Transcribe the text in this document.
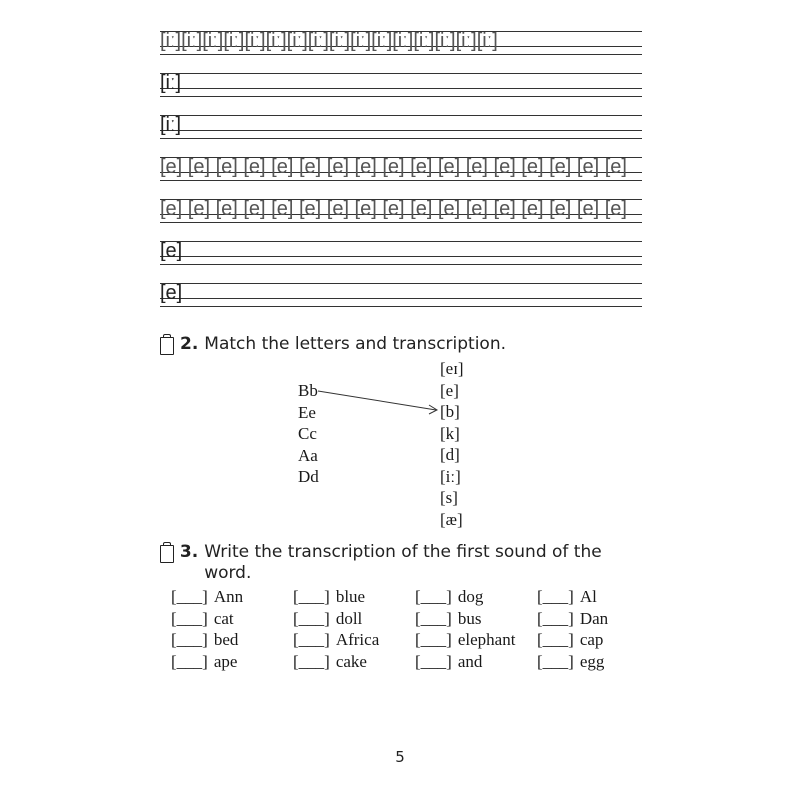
[iː][iː][iː][iː][iː][iː][iː][iː][iː][iː][iː][iː][iː][iː][iː][iː]
[iː]
[iː]
[e] [e] [e] [e] [e] [e] [e] [e] [e] [e] [e] [e] [e] [e] [e] [e] [e]
[e] [e] [e] [e] [e] [e] [e] [e] [e] [e] [e] [e] [e] [e] [e] [e] [e]
[e]
[e]
2. Match the letters and transcription.
Bb
Ee
Cc
Aa
Dd
[eɪ]
[e]
[b]
[k]
[d]
[iː]
[s]
[æ]
3. Write the transcription of the first sound of the word.
[___] Ann	[___] blue	[___] dog	[___] Al
[___] cat	[___] doll	[___] bus	[___] Dan
[___] bed	[___] Africa	[___] elephant	[___] cap
[___] ape	[___] cake	[___] and	[___] egg
5
